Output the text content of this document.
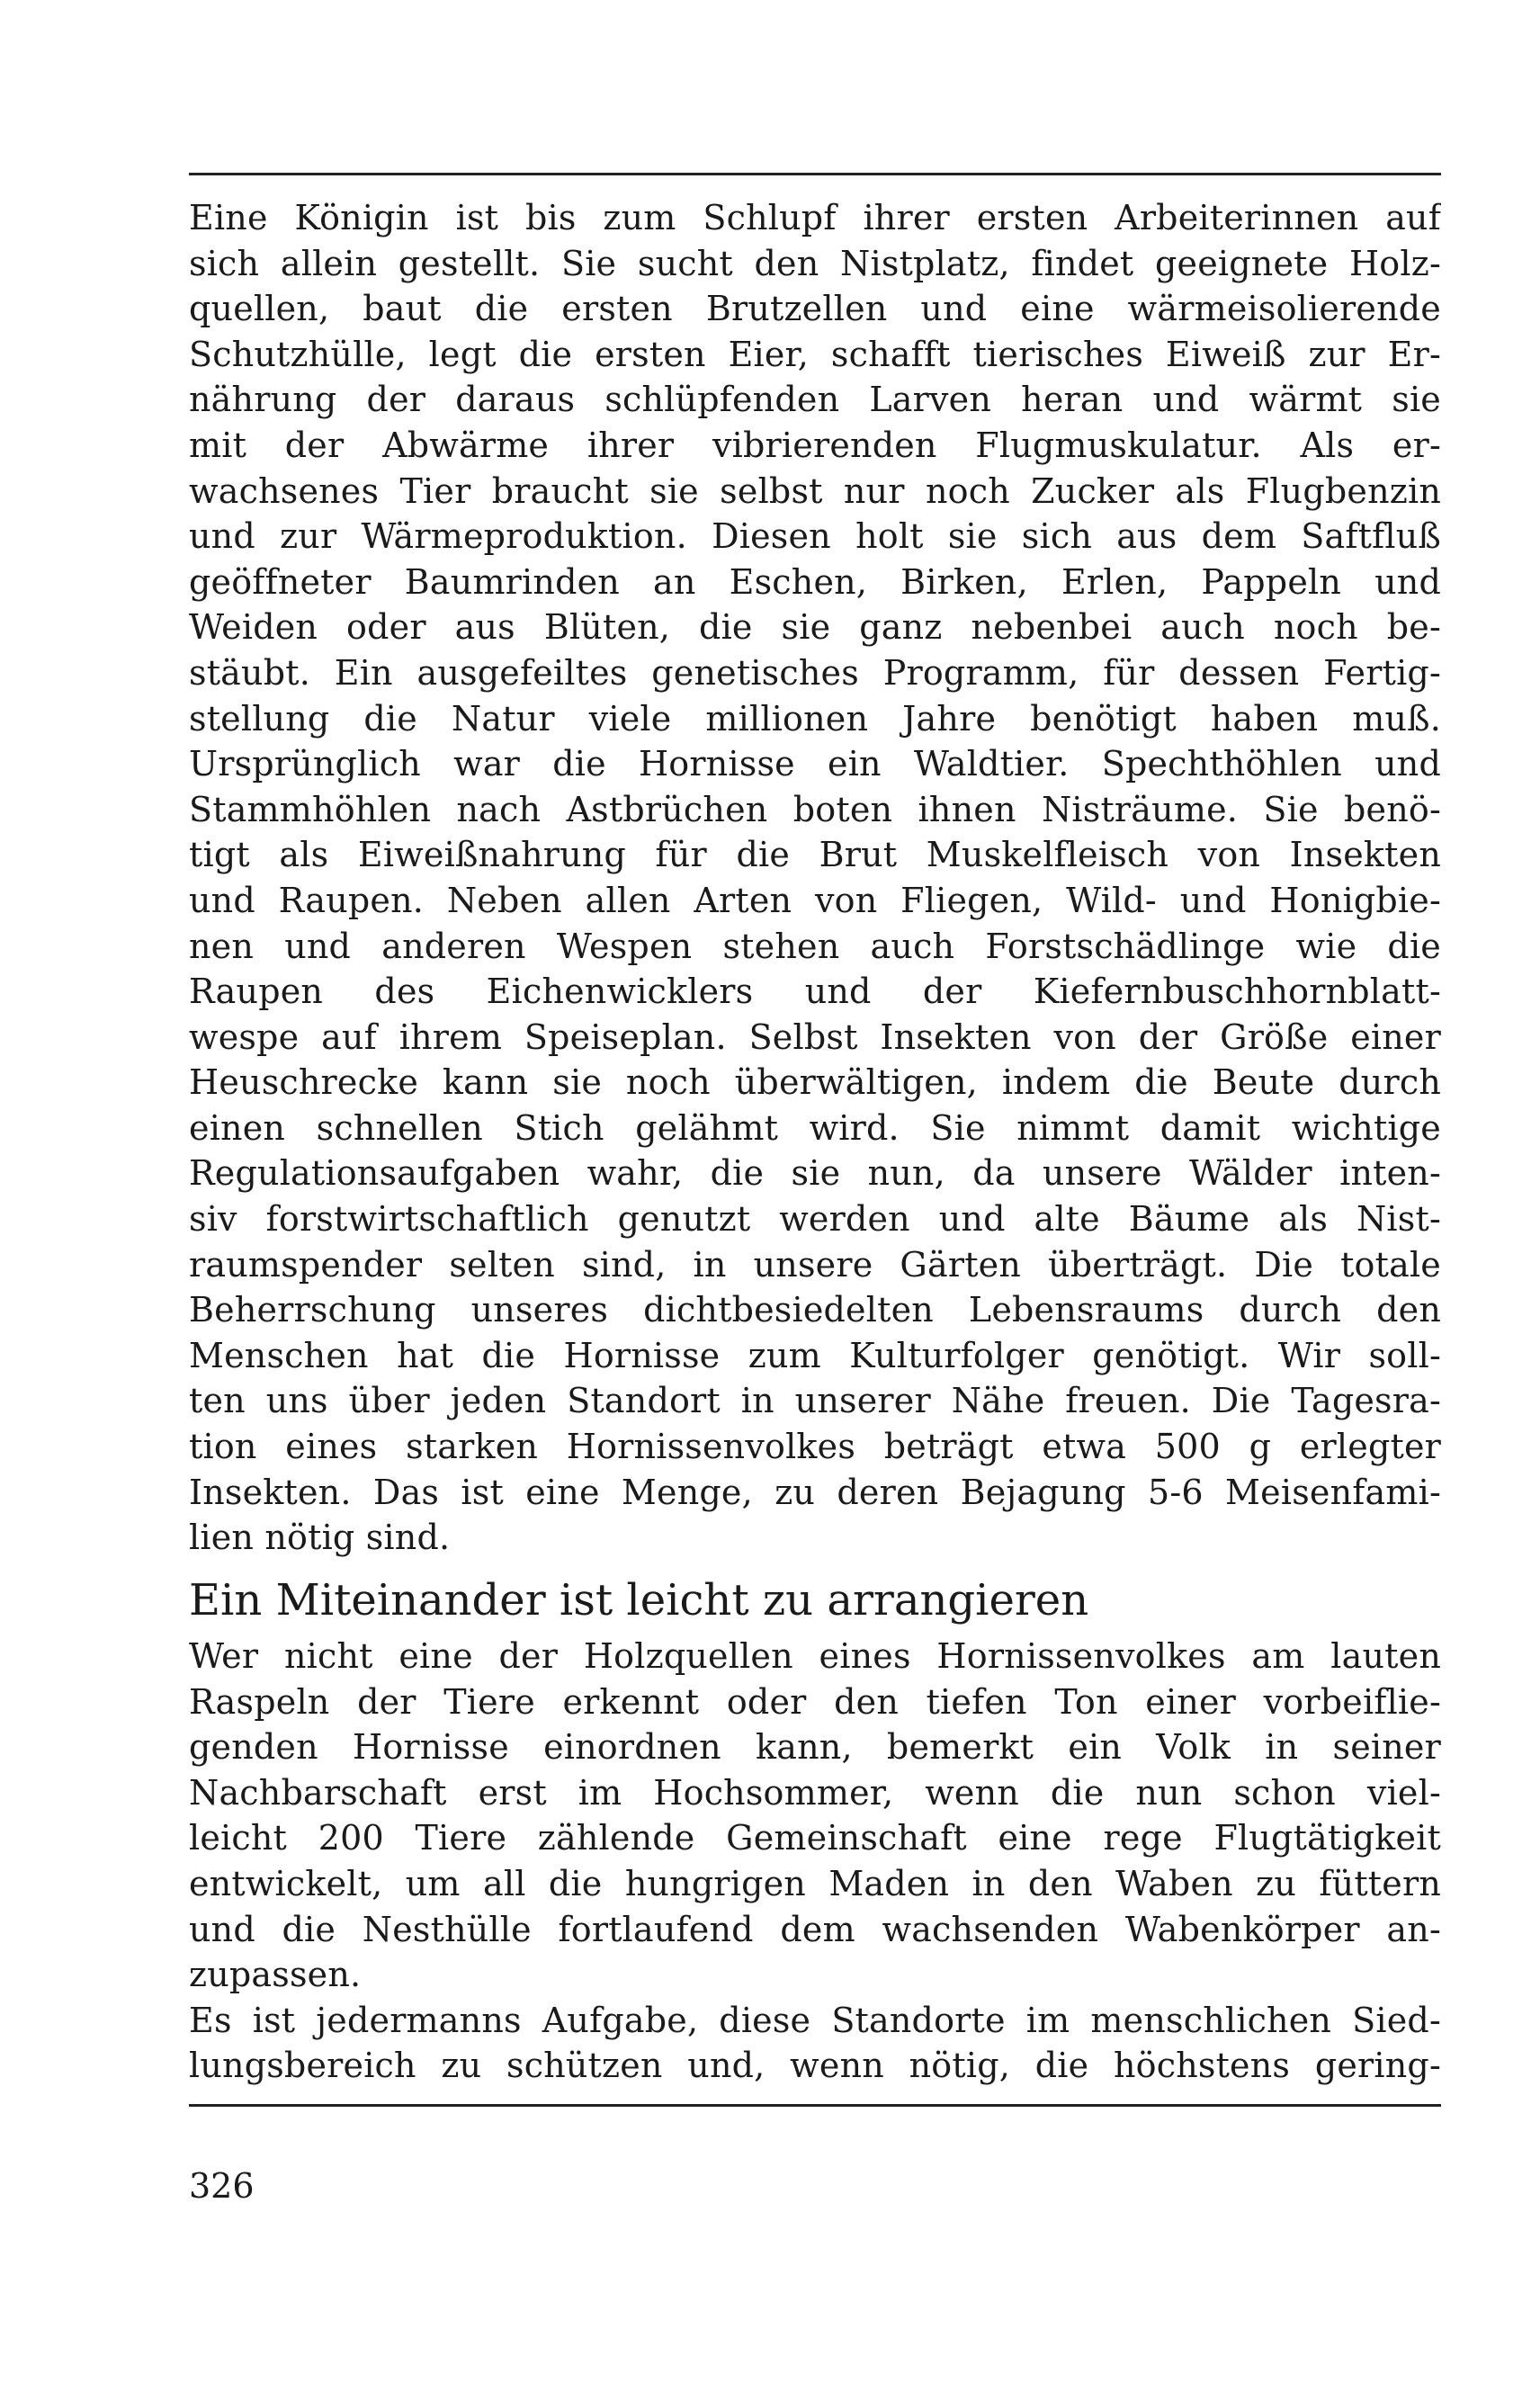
Eine Königin ist bis zum Schlupf ihrer ersten Arbeiterinnen auf
sich allein gestellt. Sie sucht den Nistplatz, findet geeignete Holz-
quellen, baut die ersten Brutzellen und eine wärmeisolierende
Schutzhülle, legt die ersten Eier, schafft tierisches Eiweiß zur Er-
nährung der daraus schlüpfenden Larven heran und wärmt sie
mit der Abwärme ihrer vibrierenden Flugmuskulatur. Als er-
wachsenes Tier braucht sie selbst nur noch Zucker als Flugbenzin
und zur Wärmeproduktion. Diesen holt sie sich aus dem Saftfluß
geöffneter Baumrinden an Eschen, Birken, Erlen, Pappeln und
Weiden oder aus Blüten, die sie ganz nebenbei auch noch be-
stäubt. Ein ausgefeiltes genetisches Programm, für dessen Fertig-
stellung die Natur viele millionen Jahre benötigt haben muß.
Ursprünglich war die Hornisse ein Waldtier. Spechthöhlen und
Stammhöhlen nach Astbrüchen boten ihnen Nisträume. Sie benö-
tigt als Eiweißnahrung für die Brut Muskelfleisch von Insekten
und Raupen. Neben allen Arten von Fliegen, Wild- und Honigbie-
nen und anderen Wespen stehen auch Forstschädlinge wie die
Raupen des Eichenwicklers und der Kiefernbuschhornblatt-
wespe auf ihrem Speiseplan. Selbst Insekten von der Größe einer
Heuschrecke kann sie noch überwältigen, indem die Beute durch
einen schnellen Stich gelähmt wird. Sie nimmt damit wichtige
Regulationsaufgaben wahr, die sie nun, da unsere Wälder inten-
siv forstwirtschaftlich genutzt werden und alte Bäume als Nist-
raumspender selten sind, in unsere Gärten überträgt. Die totale
Beherrschung unseres dichtbesiedelten Lebensraums durch den
Menschen hat die Hornisse zum Kulturfolger genötigt. Wir soll-
ten uns über jeden Standort in unserer Nähe freuen. Die Tagesra-
tion eines starken Hornissenvolkes beträgt etwa 500 g erlegter
Insekten. Das ist eine Menge, zu deren Bejagung 5-6 Meisenfami-
lien nötig sind.
Ein Miteinander ist leicht zu arrangieren
Wer nicht eine der Holzquellen eines Hornissenvolkes am lauten
Raspeln der Tiere erkennt oder den tiefen Ton einer vorbeiflie-
genden Hornisse einordnen kann, bemerkt ein Volk in seiner
Nachbarschaft erst im Hochsommer, wenn die nun schon viel-
leicht 200 Tiere zählende Gemeinschaft eine rege Flugtätigkeit
entwickelt, um all die hungrigen Maden in den Waben zu füttern
und die Nesthülle fortlaufend dem wachsenden Wabenkörper an-
zupassen.
Es ist jedermanns Aufgabe, diese Standorte im menschlichen Sied-
lungsbereich zu schützen und, wenn nötig, die höchstens gering-
326
